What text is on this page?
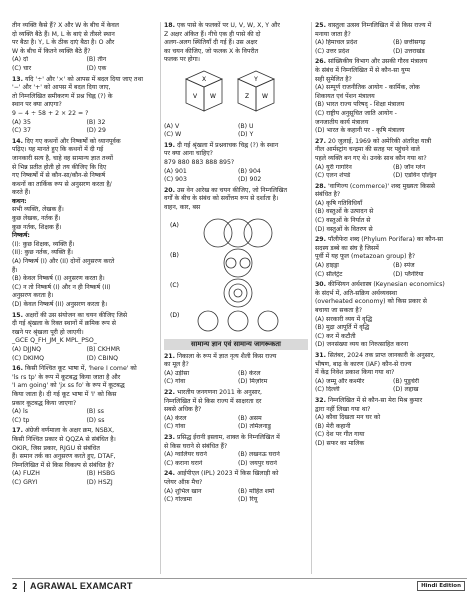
तीन व्यक्ति कैसे हैं? X और W के बीच में केवल
दो व्यक्ति बैठे हैं। M, L के बाएं से तीसरे स्थान
पर बैठा है। Y, L के ठीक दाएं बैठा है। O और
W के बीच में कितने व्यक्ति बैठे हैं?
(A) दो	(B) तीन
(C) चार	(D) एक
13. यदि '÷' और '×' को आपस में बदल दिया जाए तथा
'−' और '+' को आपस में बदल दिया जाए,
तो निम्नलिखित समीकरण में प्रश्न चिह्न (?) के
स्थान पर क्या आएगा?
9 − 4 ÷ 58 + 2 × 22 = ?
(A) 35	(B) 32
(C) 37	(D) 29
14. दिए गए कथनों और निष्कर्षों को ध्यानपूर्वक
पढ़िए। यह मानते हुए कि कथनों में दी गई
जानकारी सत्य है, चाहे वह सामान्य ज्ञात तथ्यों
से भिन्न प्रतीत होती हो तय कीजिए कि दिए
गए निष्कर्षों में से कौन-सा/कौन-से निष्कर्ष
कथनों का तार्किक रूप से अनुसरण करता है/
करते हैं।
कथन:
सभी व्यक्ति, लेखक हैं।
कुछ लेखक, नर्तक हैं।
कुछ नर्तक, शिक्षक हैं।
निष्कर्ष:
(I): कुछ शिक्षक, व्यक्ति हैं।
(II): कुछ नर्तक, व्यक्ति हैं।
(A) निष्कर्ष (I) और (II) दोनों अनुसरण करते
हैं।
(B) केवल निष्कर्ष (I) अनुसरण करता है।
(C) न तो निष्कर्ष (I) और न ही निष्कर्ष (II)
अनुसरण करता है।
(D) केवल निष्कर्ष (II) अनुसरण करता है।
15. अक्षरों की उस संयोजन का चयन कीजिए जिसे
दी गई श्रृंखला के रिक्त स्थानों में क्रमिक रूप से
रखने पर श्रृंखला पूरी हो जाएगी।
_GCE Q_FH_JM_K MPL_PSO_
(A) DJJNQ	(B) CKHMR
(C) DKIMQ	(D) CBINQ
16. किसी निश्चित कूट भाषा में, 'here I come' को
'ls rs tp' के रूप में कूटबद्ध किया जाता है और
'I am going' को 'jx ss fo' के रूप में कूटबद्ध
किया जाता है। दी गई कूट भाषा में 'I' को किस
प्रकार कूटबद्ध किया जाएगा?
(A) ls	(B) ss
(C) tp	(D) ss
17. अंग्रेजी वर्णमाला के अक्षर क्रम, NSBX,
किसी निश्चित प्रकार से QQZA से संबंधित है।
OKIR, जिस प्रकार, RJGU से संबंधित
हैं। समान तर्क का अनुसरण करते हुए, DTAF,
निम्नलिखित में से किस विकल्प से संबंधित है?
(A) FUZH	(B) HSBG
(C) GRYI	(D) HSZJ
18. एक पासे के फलकों पर U, V, W, X, Y और
Z अक्षर अंकित हैं। नीचे एक ही पासे की दो
अलग-अलग स्थितियाँ दी गई हैं। उस अक्षर
का चयन कीजिए, जो फलक X के विपरीत
फलक पर होगा।
X
V W
Y
Z W
(A) V	(B) U
(C) W	(D) Y
19. दी गई श्रृंखला में प्रश्नवाचक चिह्न (?) के स्थान
पर क्या आना चाहिए?
879 880 883 888 895?
(A) 901	(B) 904
(C) 903	(D) 902
20. उस वेन आरेख का चयन कीजिए, जो निम्नलिखित
वर्गों के बीच के संबंध को सर्वोत्तम रूप से दर्शाता है।
वाहन, कार, बस
(A)
(B)
(C)
(D)
सामान्य ज्ञान एवं सामान्य जागरूकता
21. निकाला के रूप में ज्ञात नृत्य शैली किस राज्य
का मूल है?
(A) उड़ीसा	(B) केरल
(C) गोवा	(D) मिज़ोरम
22. भारतीय जनगणना 2011 के अनुसार,
निम्नलिखित में से किस राज्य में साक्षरता दर
सबसे अधिक है?
(A) केरल	(B) असम
(C) गोवा	(D) तमिलनाडु
23. प्रसिद्ध ईरानी इस्लाम, शाक्त के निम्नलिखित में
से किस घराने से संबंधित हैं?
(A) ग्वालियर घराने	(B) लखनऊ घराने
(C) कराना घराने	(D) जयपुर घराने
24. आईपीएल (IPL) 2023 में किस खिलाड़ी को
प्लेयर ऑफ़ मैच?
(A) शुभिल खान	(B) मोहित शर्मा
(C) गोल्डमा	(D) रियू
25. वास्तुला उत्सव निम्नलिखित में से किस राज्य में
मनाया जाता है?
(A) हिमाचल प्रदेश	(B) छत्तीसगढ़
(C) उत्तर प्रदेश	(D) उत्तराखंड
26. सांख्यिकीय विभाग और उसकी गौरव मंत्रालय
के संबंध में निम्नलिखित में से कौन-सा युग्म
सही सुमेलित है?
(A) सम्पूर्ण राजनीतिक आयोग - कार्मिक, लोक
शिकायत एवं पेंशन मंत्रालय
(B) भारत राज्य परिषद् - शिक्षा मंत्रालय
(C) राष्ट्रीय अनुसूचित जाति आयोग -
जनजातीय कार्य मंत्रालय
(D) भारत के कहानी पर - कृषि मंत्रालय
27. 20 जुलाई, 1969 को अमेरिकी अंतरिक्ष यात्री
नील आर्मस्ट्रांग चन्द्रमा की सतह पर पहुंचने वाले
पहले व्यक्ति बन गए थे। उनके साथ कौन गया था?
(A) युरी गागरिन	(B) जॉन ग्लेन
(C) एलन शेपर्ड	(D) एडविन एल्ड्रिन
28. 'वाणिज्य (commerce)' शब्द मुख्यतः किससे
संबंधित है?
(A) कृषि गतिविधियाँ
(B) वस्तुओं के उत्पादन से
(C) वस्तुओं के निर्यात से
(D) वस्तुओं के वितरण से
29. पॉलीफेरा शब्द (Phylum Porifera) का कौन-सा
सदस्य डब्बे का संघ है जिसमें
पूर्वी में यह फूल (metazoan group) है?
(A) हाइड्रा	(B) स्पंज
(C) सीलेंट्रेट	(D) प्लैनेरिया
30. कीन्सियन अर्थशास्त्र (Keynesian economics)
के संदर्भ में, अति-सक्रिय अर्थव्यवस्था
(overheated economy) को किस प्रकार से
बचाया जा सकता है?
(A) सरकारी व्यय में वृद्धि
(B) मुद्रा आपूर्ति में वृद्धि
(C) कर में कटौती
(D) जनसंख्या व्यय का निरुत्साहित करना
31. सितंबर, 2024 तक प्राप्त जानकारी के अनुसार,
भीषण, बाढ़ के कारण (IAF) कौन-से राज्य
में केंद्र निवेश प्रकाश किया गया था?
(A) जम्मू और कश्मीर	(B) पुडुचेरी
(C) दिल्ली	(D) लद्दाख
32. निम्नलिखित में से कौन-सा मेरा मिश्र कुमार
द्वारा नहीं लिखा गया था?
(A) कौवा दिखता मन घर को
(B) मेरी कहानी
(C) देश पर गीत गाया
(D) सफर का मालिक
2 AGRAWAL EXAMCART	Hindi Edition
